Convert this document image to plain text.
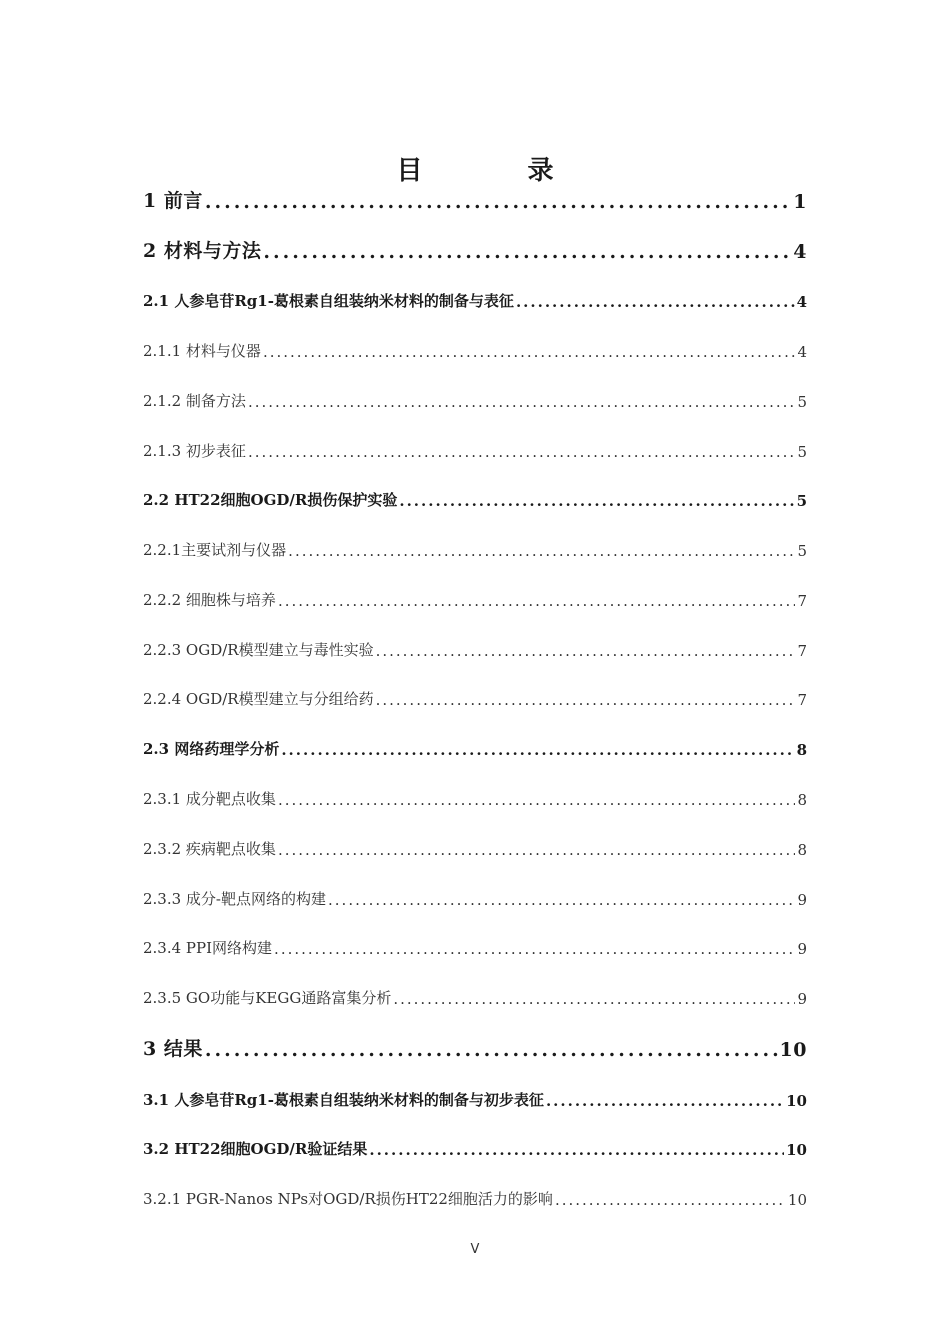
目 录
1 前言 .....	1
2 材料与方法 .....	4
2.1 人参皂苷Rg1-葛根素自组装纳米材料的制备与表征 .....	4
2.1.1 材料与仪器 .....	4
2.1.2 制备方法 .....	5
2.1.3 初步表征 .....	5
2.2 HT22细胞OGD/R损伤保护实验 .....	5
2.2.1主要试剂与仪器 .....	5
2.2.2 细胞株与培养 .....	7
2.2.3 OGD/R模型建立与毒性实验 .....	7
2.2.4 OGD/R模型建立与分组给药 .....	7
2.3 网络药理学分析 .....	8
2.3.1 成分靶点收集 .....	8
2.3.2 疾病靶点收集 .....	8
2.3.3 成分-靶点网络的构建 .....	9
2.3.4 PPI网络构建 .....	9
2.3.5 GO功能与KEGG通路富集分析 .....	9
3 结果 .....	10
3.1 人参皂苷Rg1-葛根素自组装纳米材料的制备与初步表征 .....	10
3.2 HT22细胞OGD/R验证结果 .....	10
3.2.1 PGR-Nanos NPs对OGD/R损伤HT22细胞活力的影响 .....	10
V
